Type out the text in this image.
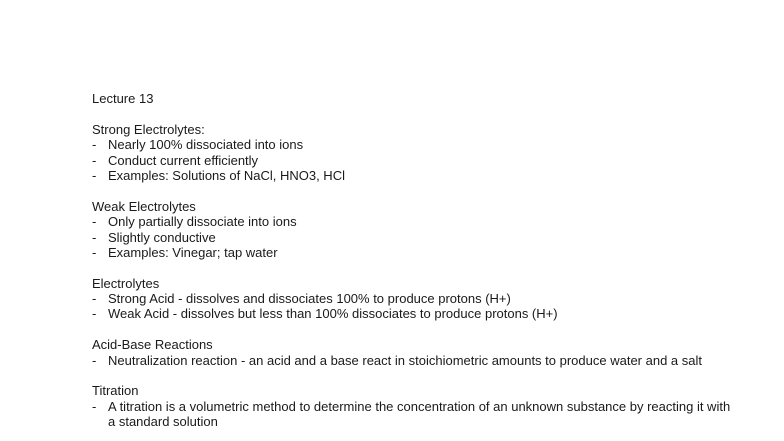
Lecture 13
Strong Electrolytes:
- Nearly 100% dissociated into ions
- Conduct current efficiently
- Examples: Solutions of NaCl, HNO3, HCl
Weak Electrolytes
- Only partially dissociate into ions
- Slightly conductive
- Examples: Vinegar; tap water
Electrolytes
- Strong Acid - dissolves and dissociates 100% to produce protons (H+)
- Weak Acid - dissolves but less than 100% dissociates to produce protons (H+)
Acid-Base Reactions
- Neutralization reaction - an acid and a base react in stoichiometric amounts to produce water and a salt
Titration
- A titration is a volumetric method to determine the concentration of an unknown substance by reacting it with a standard solution
